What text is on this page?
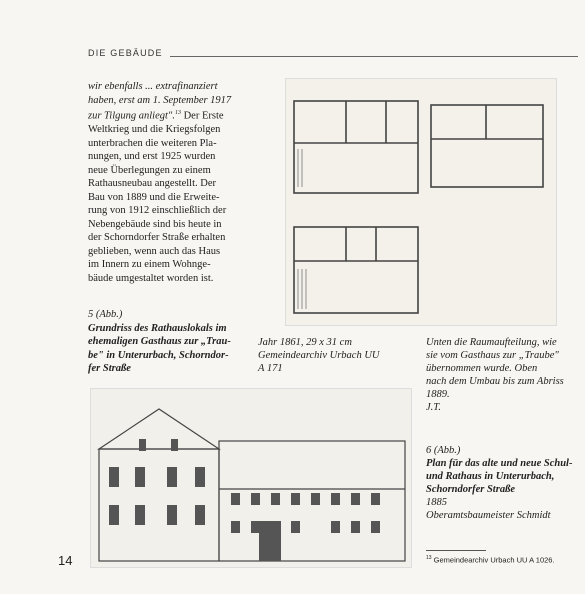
DIE GEBÄUDE
wir ebenfalls ... extrafinanziert
haben, erst am 1. September 1917
zur Tilgung anliegt".$^{13}$ Der Erste
Weltkrieg und die Kriegsfolgen
unterbrachen die weiteren Pla-
nungen, und erst 1925 wurden
neue Überlegungen zu einem
Rathausneubau angestellt. Der
Bau von 1889 und die Erweite-
rung von 1912 einschließlich der
Nebengebäude sind bis heute in
der Schorndorfer Straße erhalten
geblieben, wenn auch das Haus
im Innern zu einem Wohnge-
bäude umgestaltet worden ist.
5 (Abb.)
Grundriss des Rathauslokals im
ehemaligen Gasthaus zur „Trau-
be" in Unterurbach, Schorndor-
fer Straße
Jahr 1861, 29 x 31 cm
Gemeindearchiv Urbach UU
A 171
Unten die Raumaufteilung, wie
sie vom Gasthaus zur „Traube"
übernommen wurde. Oben
nach dem Umbau bis zum Abriss
1889.
J.T.
6 (Abb.)
Plan für das alte und neue Schul-
und Rathaus in Unterurbach,
Schorndorfer Straße
1885
Oberamtsbaumeister Schmidt
14	$^{13}$ Gemeindearchiv Urbach UU A 1026.
